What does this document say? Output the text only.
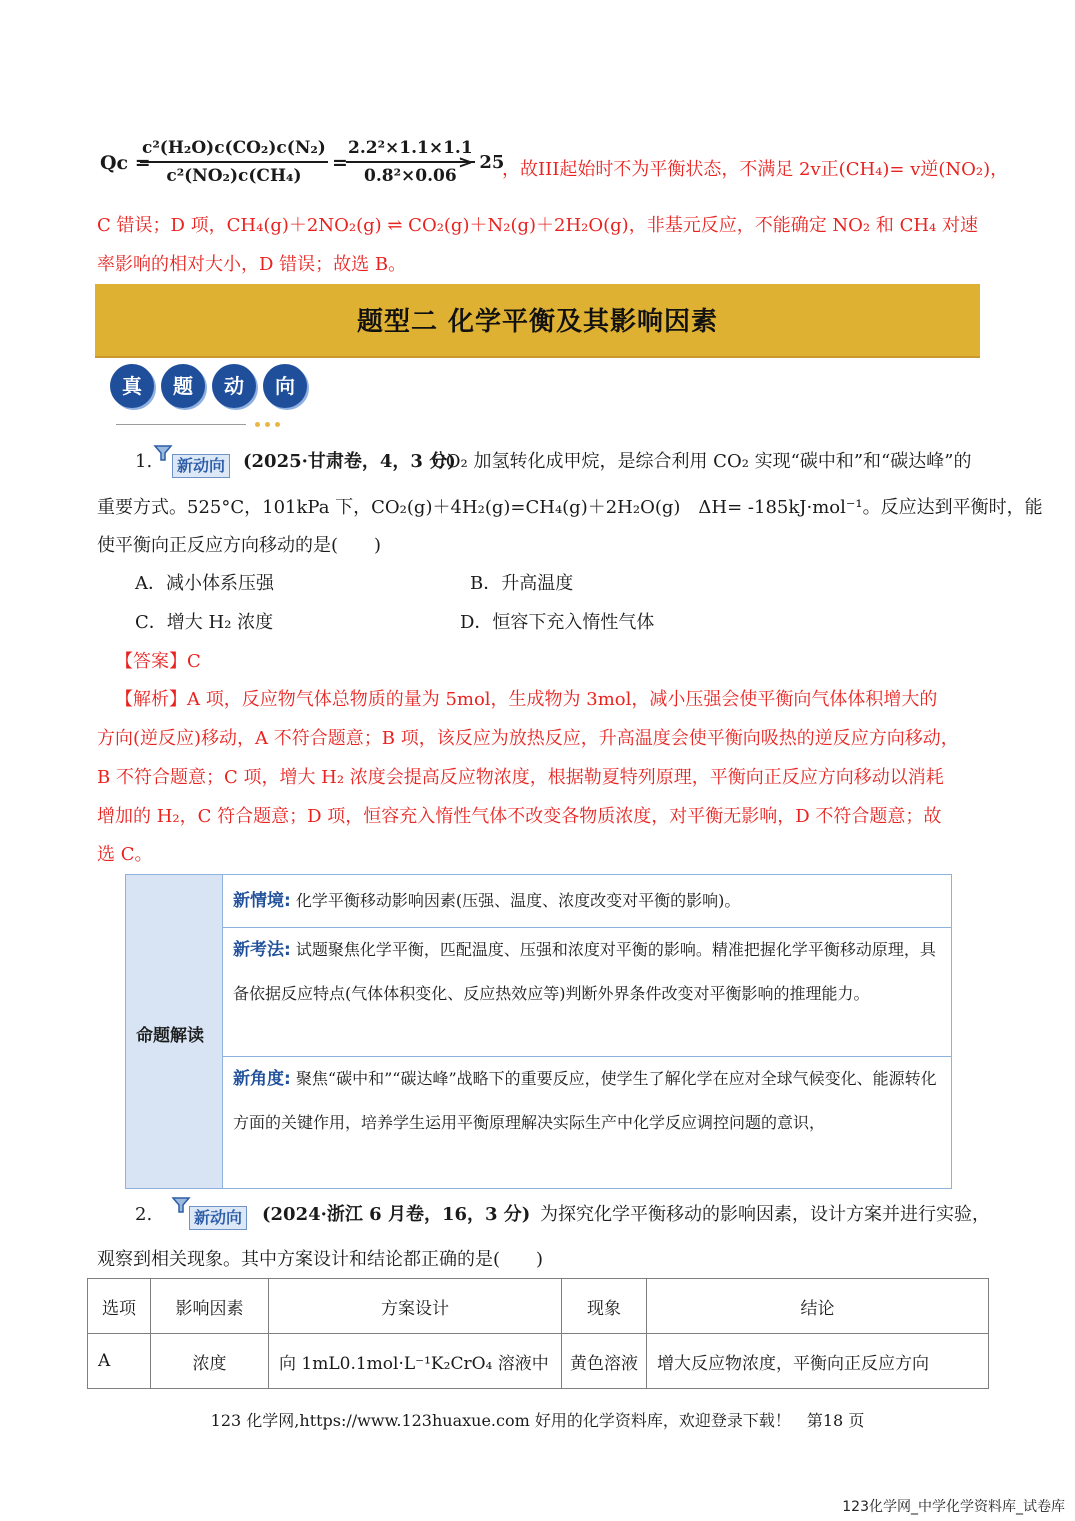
Qc =
$\frac{\text{c²(H₂O)c(CO₂)c(N₂)}}{\text{c²(NO₂)c(CH₄)}}$ =
$\frac{\text{2.2²×1.1×1.1}}{\text{0.8²×0.06}}$
> 25
，故III起始时不为平衡状态，不满足 2v正(CH₄)= v逆(NO₂)，
C 错误；D 项，CH₄(g)＋2NO₂(g) ⇌ CO₂(g)＋N₂(g)＋2H₂O(g)，非基元反应，不能确定 NO₂ 和 CH₄ 对速
率影响的相对大小，D 错误；故选 B。
题型二 化学平衡及其影响因素
真	题	动	向
1.	新动向 (2025·甘肃卷，4，3 分)
CO₂ 加氢转化成甲烷，是综合利用 CO₂ 实现“碳中和”和“碳达峰”的
重要方式。525°C，101kPa 下，CO₂(g)＋4H₂(g)=CH₄(g)＋2H₂O(g)　ΔH= -185kJ·mol⁻¹。反应达到平衡时，能
使平衡向正反应方向移动的是(　　)
A．减小体系压强	B．升高温度
C．增大 H₂ 浓度	D．恒容下充入惰性气体
【答案】C
【解析】A 项，反应物气体总物质的量为 5mol，生成物为 3mol，减小压强会使平衡向气体体积增大的
方向(逆反应)移动，A 不符合题意；B 项，该反应为放热反应，升高温度会使平衡向吸热的逆反应方向移动，
B 不符合题意；C 项，增大 H₂ 浓度会提高反应物浓度，根据勒夏特列原理，平衡向正反应方向移动以消耗
增加的 H₂，C 符合题意；D 项，恒容充入惰性气体不改变各物质浓度，对平衡无影响，D 不符合题意；故
选 C。
命题解读
新情境: 化学平衡移动影响因素(压强、温度、浓度改变对平衡的影响)。
新考法: 试题聚焦化学平衡，匹配温度、压强和浓度对平衡的影响。精准把握化学平衡移动原理，具备依据反应特点(气体体积变化、反应热效应等)判断外界条件改变对平衡影响的推理能力。
新角度: 聚焦“碳中和”“碳达峰”战略下的重要反应，使学生了解化学在应对全球气候变化、能源转化方面的关键作用，培养学生运用平衡原理解决实际生产中化学反应调控问题的意识，
2.	新动向 (2024·浙江 6 月卷，16，3 分) 为探究化学平衡移动的影响因素，设计方案并进行实验，
观察到相关现象。其中方案设计和结论都正确的是(　　)
选项	影响因素	方案设计	现象	结论
A	浓度	向 1mL0.1mol·L⁻¹K₂CrO₄ 溶液中	黄色溶液	增大反应物浓度，平衡向正反应方向
123 化学网,https://www.123huaxue.com 好用的化学资料库，欢迎登录下载！　第18 页
123化学网_中学化学资料库_试卷库
